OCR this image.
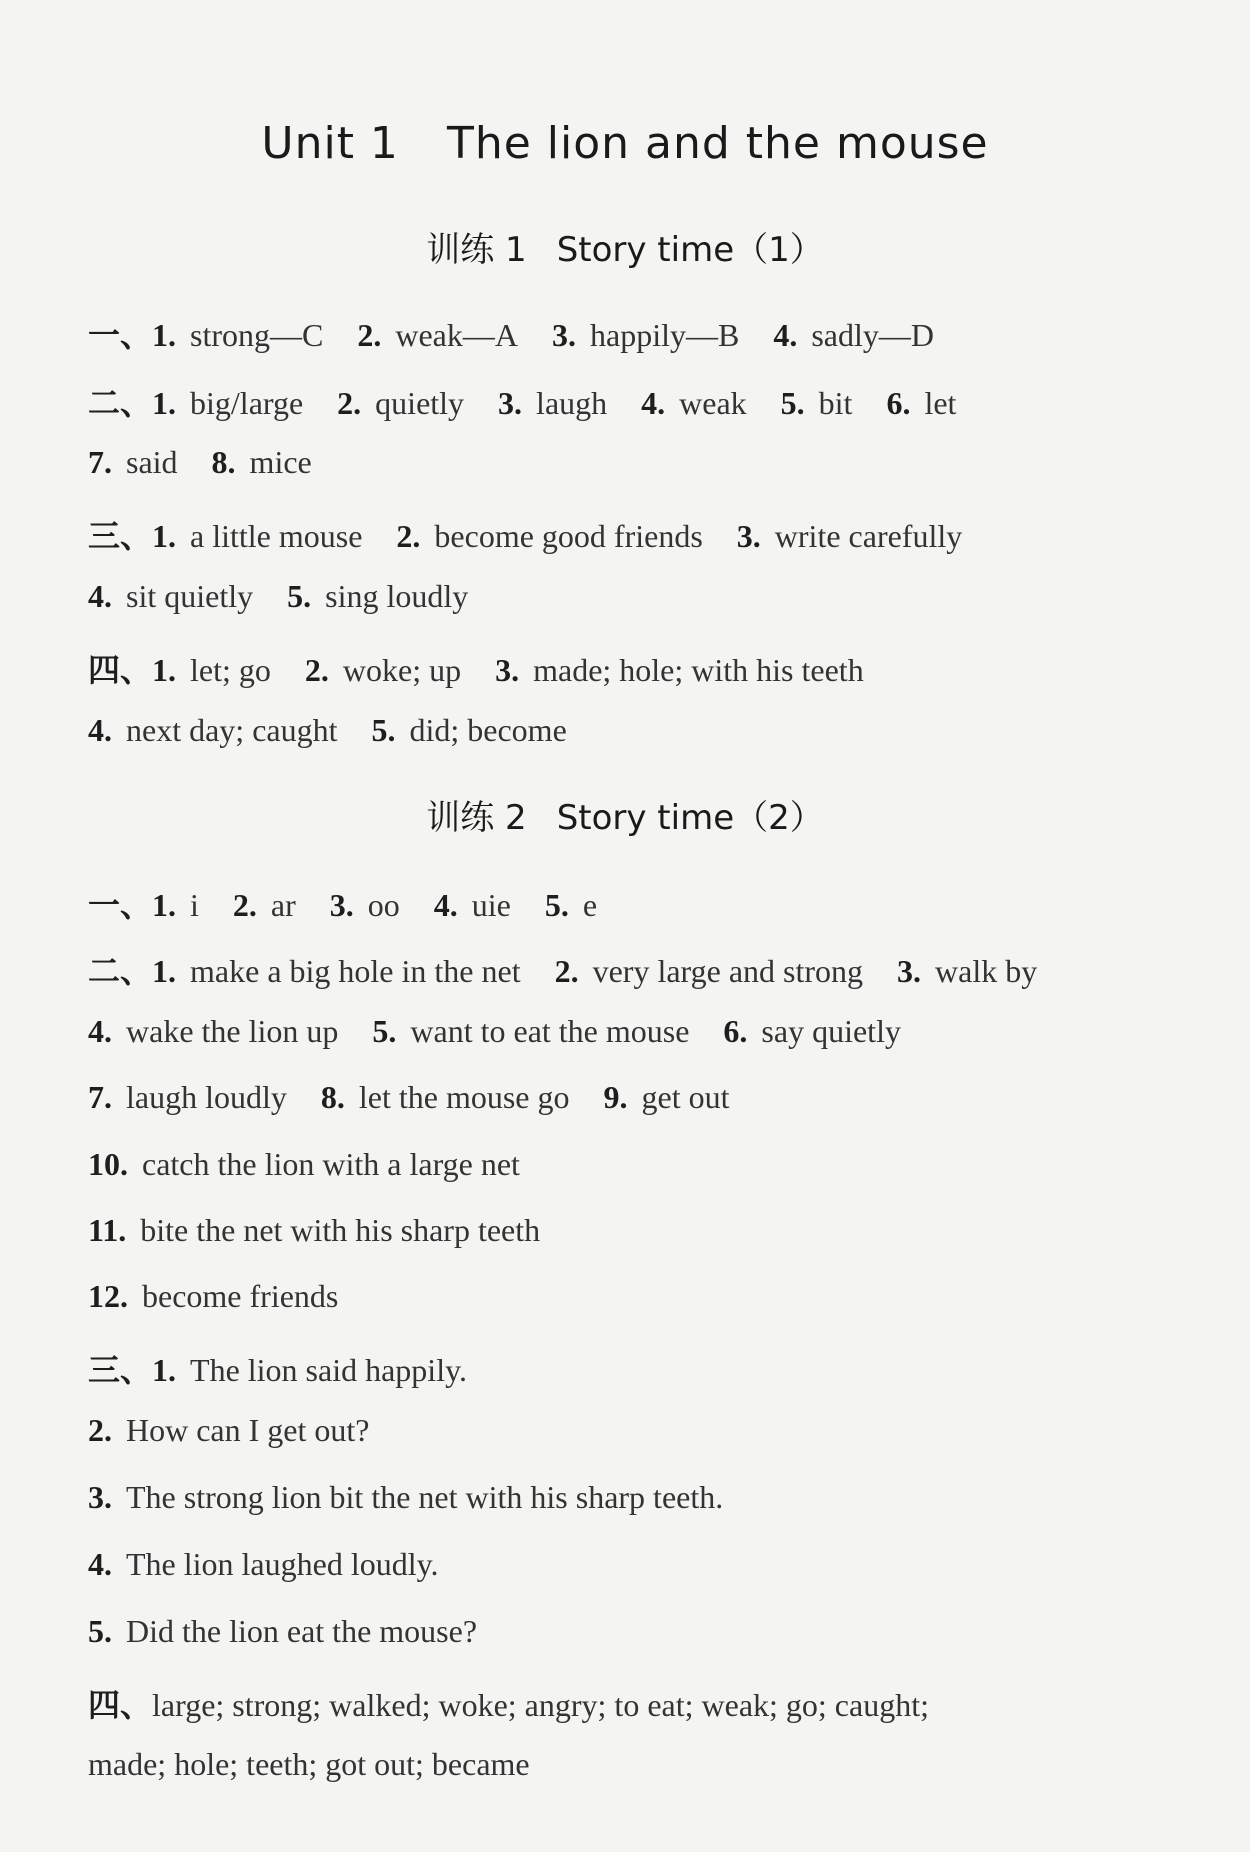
Unit 1 The lion and the mouse
训练 1 Story time（1）
一、1. strong—C 2. weak—A 3. happily—B 4. sadly—D
二、1. big/large 2. quietly 3. laugh 4. weak 5. bit 6. let
7. said 8. mice
三、1. a little mouse 2. become good friends 3. write carefully
4. sit quietly 5. sing loudly
四、1. let; go 2. woke; up 3. made; hole; with his teeth
4. next day; caught 5. did; become
训练 2 Story time（2）
一、1. i 2. ar 3. oo 4. uie 5. e
二、1. make a big hole in the net 2. very large and strong 3. walk by
4. wake the lion up 5. want to eat the mouse 6. say quietly
7. laugh loudly 8. let the mouse go 9. get out
10. catch the lion with a large net
11. bite the net with his sharp teeth
12. become friends
三、1. The lion said happily.
2. How can I get out?
3. The strong lion bit the net with his sharp teeth.
4. The lion laughed loudly.
5. Did the lion eat the mouse?
四、large; strong; walked; woke; angry; to eat; weak; go; caught;
made; hole; teeth; got out; became
